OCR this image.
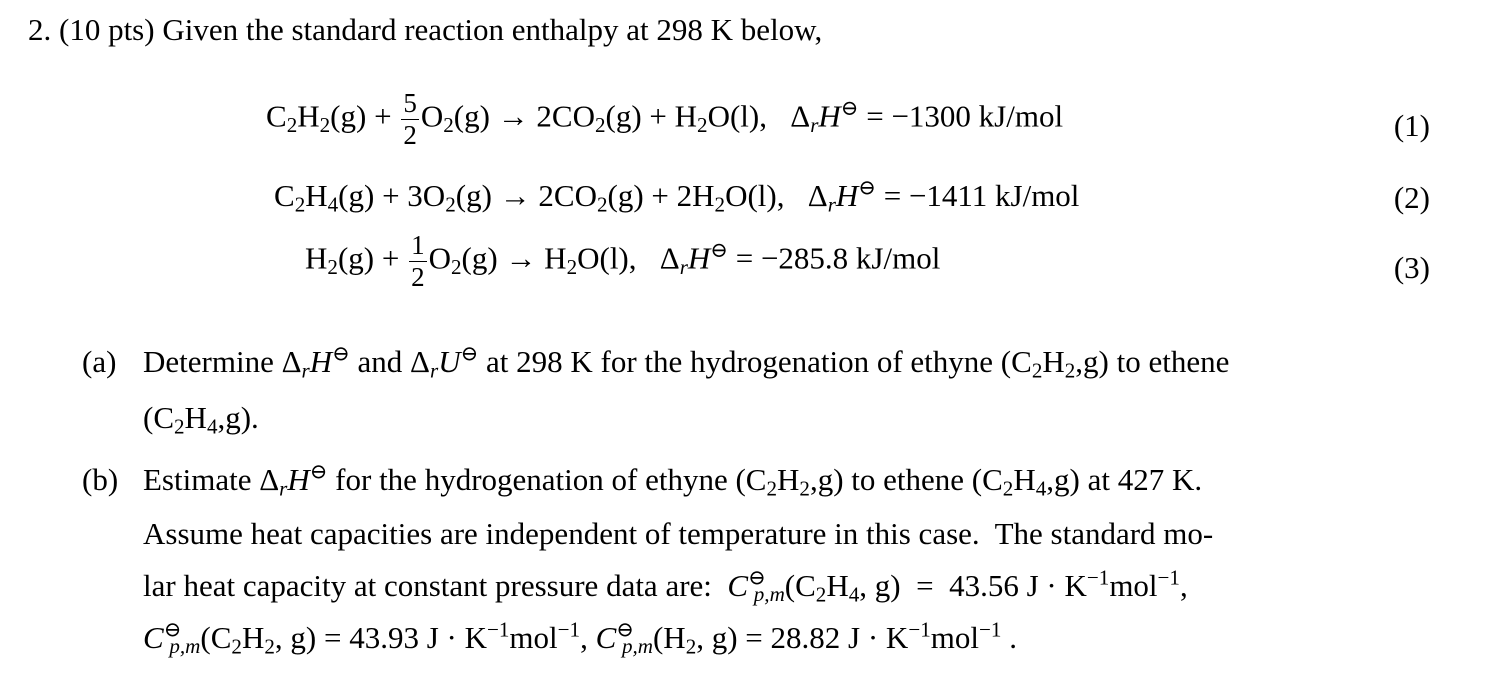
2. (10 pts) Given the standard reaction enthalpy at 298 K below,
$C_2H_2(g) + \frac{5}{2} O_2(g) \to 2CO_2(g) + H_2O(l)$,   $\Delta_rH^⊖ = -1300$ kJ/mol	(1)
$C_2H_4(g) + 3O_2(g) \to 2CO_2(g) + 2H_2O(l)$,   $\Delta_rH^⊖ = -1411$ kJ/mol	(2)
$H_2(g) + \frac{1}{2} O_2(g) \to H_2O(l)$,   $\Delta_rH^⊖ = -285.8$ kJ/mol	(3)
(a) Determine $\Delta_rH^⊖$ and $\Delta_rU^⊖$ at 298 K for the hydrogenation of ethyne $(C_2H_2,g)$ to ethene
$(C_2H_4,g)$.
(b) Estimate $\Delta_rH^⊖$ for the hydrogenation of ethyne $(C_2H_2,g)$ to ethene $(C_2H_4,g)$ at 427 K.
Assume heat capacities are independent of temperature in this case.  The standard mo-
lar heat capacity at constant pressure data are:  $C^⊖_{p,m}(C_2H_4$, g)  =  43.56 $J \cdot K^{-1}mol^{-1}$,
$C^⊖_{p,m}(C_2H_2$, g) = 43.93 $J \cdot K^{-1}mol^{-1}$, $C^⊖_{p,m}(H_2$, g) = 28.82 $J \cdot K^{-1}mol^{-1}$ .
